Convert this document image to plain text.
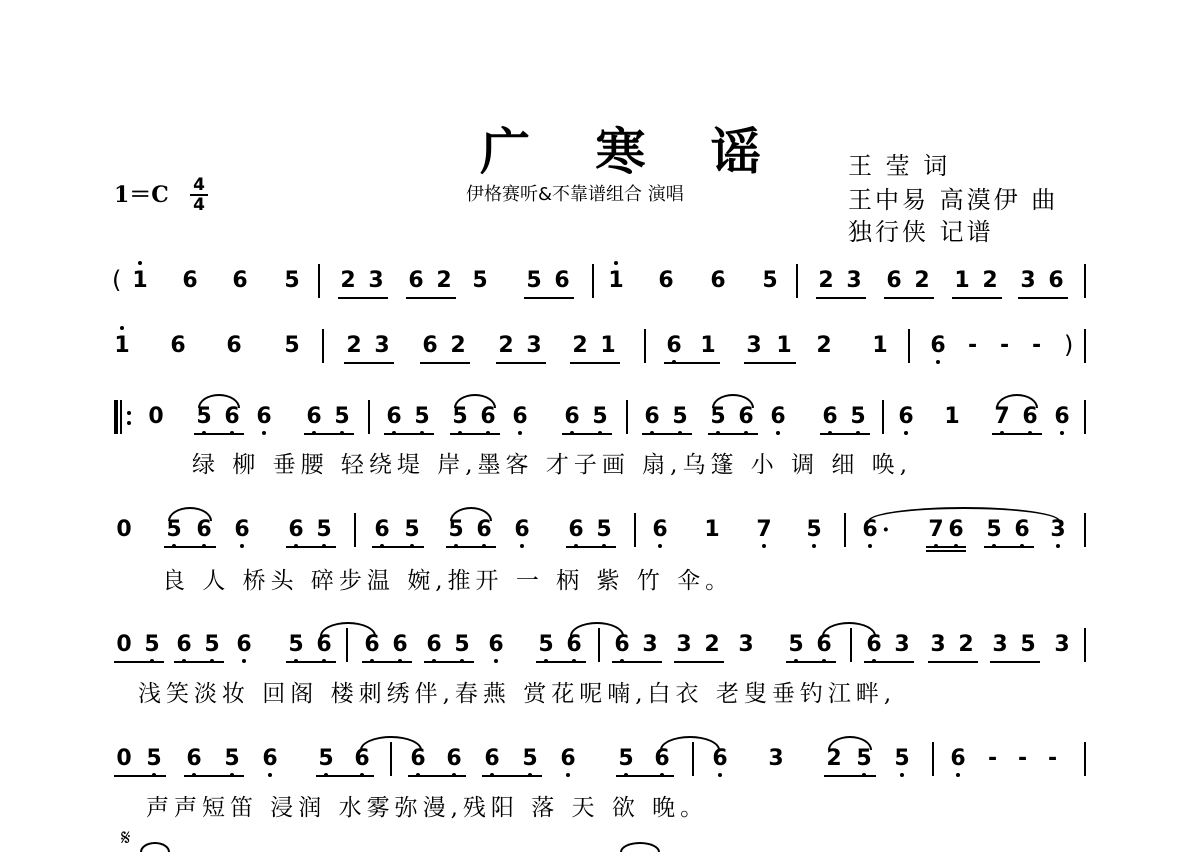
广 寒 谣
伊格赛听&不靠谱组合 演唱
王 莹 词
王中易 高漠伊 曲
独行侠 记谱
1＝C 4
4
( 1 6 6 5 2 3 6 2 5 5 6 1 6 6 5 2 3 6 2 1 2 3 6
1 6 6 5 2 3 6 2 2 3 2 1 6 1 3 1 2 1 6 - - - )
0 5 6 6 6 5 6 5 5 6 6 6 5 6 5 5 6 6 6 5 6 1 7 6 6
绿 柳 垂腰 轻绕堤 岸,墨客 才子画 扇,乌篷 小 调 细 唤,
0 5 6 6 6 5 6 5 5 6 6 6 5 6 1 7 5 6 · 7 6 5 6 3
良 人 桥头 碎步温 婉,推开 一 柄 紫 竹 伞。
0 5 6 5 6 5 6 6 6 6 5 6 5 6 6 3 3 2 3 5 6 6 3 3 2 3 5 3
浅笑淡妆 回阁 楼刺绣伴,春燕 赏花呢喃,白衣 老叟垂钓江畔,
0 5 6 5 6 5 6 6 6 6 5 6 5 6 6 3 2 5 5 6 - - -
声声短笛 浸润 水雾弥漫,残阳 落 天 欲 晚。
𝄋
